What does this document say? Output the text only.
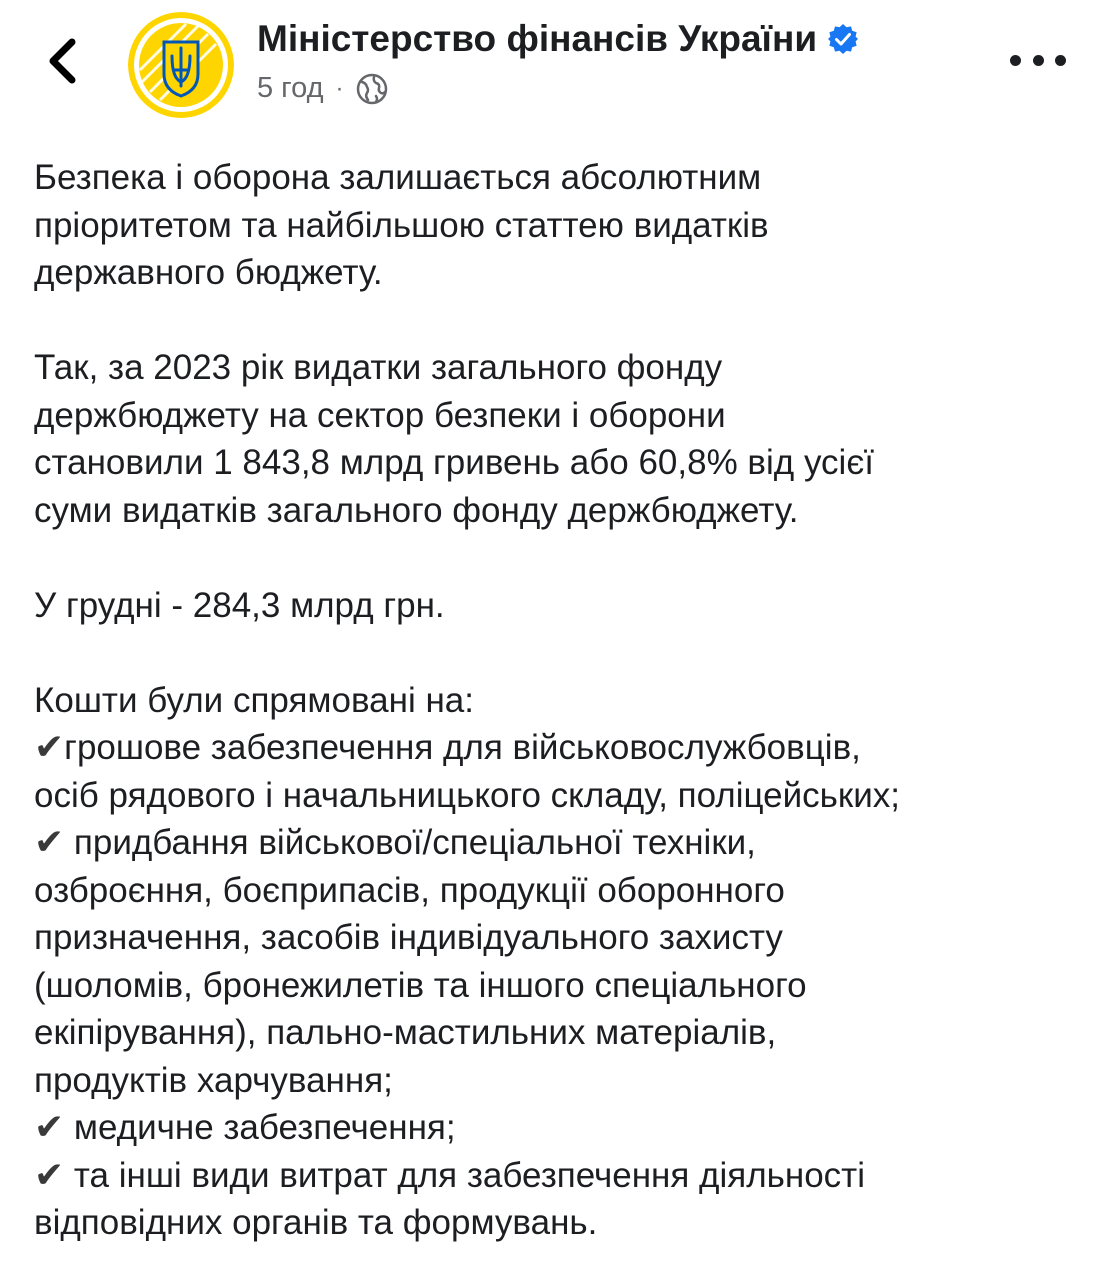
Міністерство фінансів України
5 год ·

Безпека і оборона залишається абсолютним
пріоритетом та найбільшою статтею видатків
державного бюджету.

Так, за 2023 рік видатки загального фонду
держбюджету на сектор безпеки і оборони
становили 1 843,8 млрд гривень або 60,8% від усієї
суми видатків загального фонду держбюджету.

У грудні - 284,3 млрд грн.

Кошти були спрямовані на:

✔грошове забезпечення для військовослужбовців,
осіб рядового і начальницького складу, поліцейських;

✔ придбання військової/спеціальної техніки,
озброєння, боєприпасів, продукції оборонного
призначення, засобів індивідуального захисту
(шоломів, бронежилетів та іншого спеціального
екіпірування), пально-мастильних матеріалів,
продуктів харчування;

✔ медичне забезпечення;

✔ та інші види витрат для забезпечення діяльності
відповідних органів та формувань.
